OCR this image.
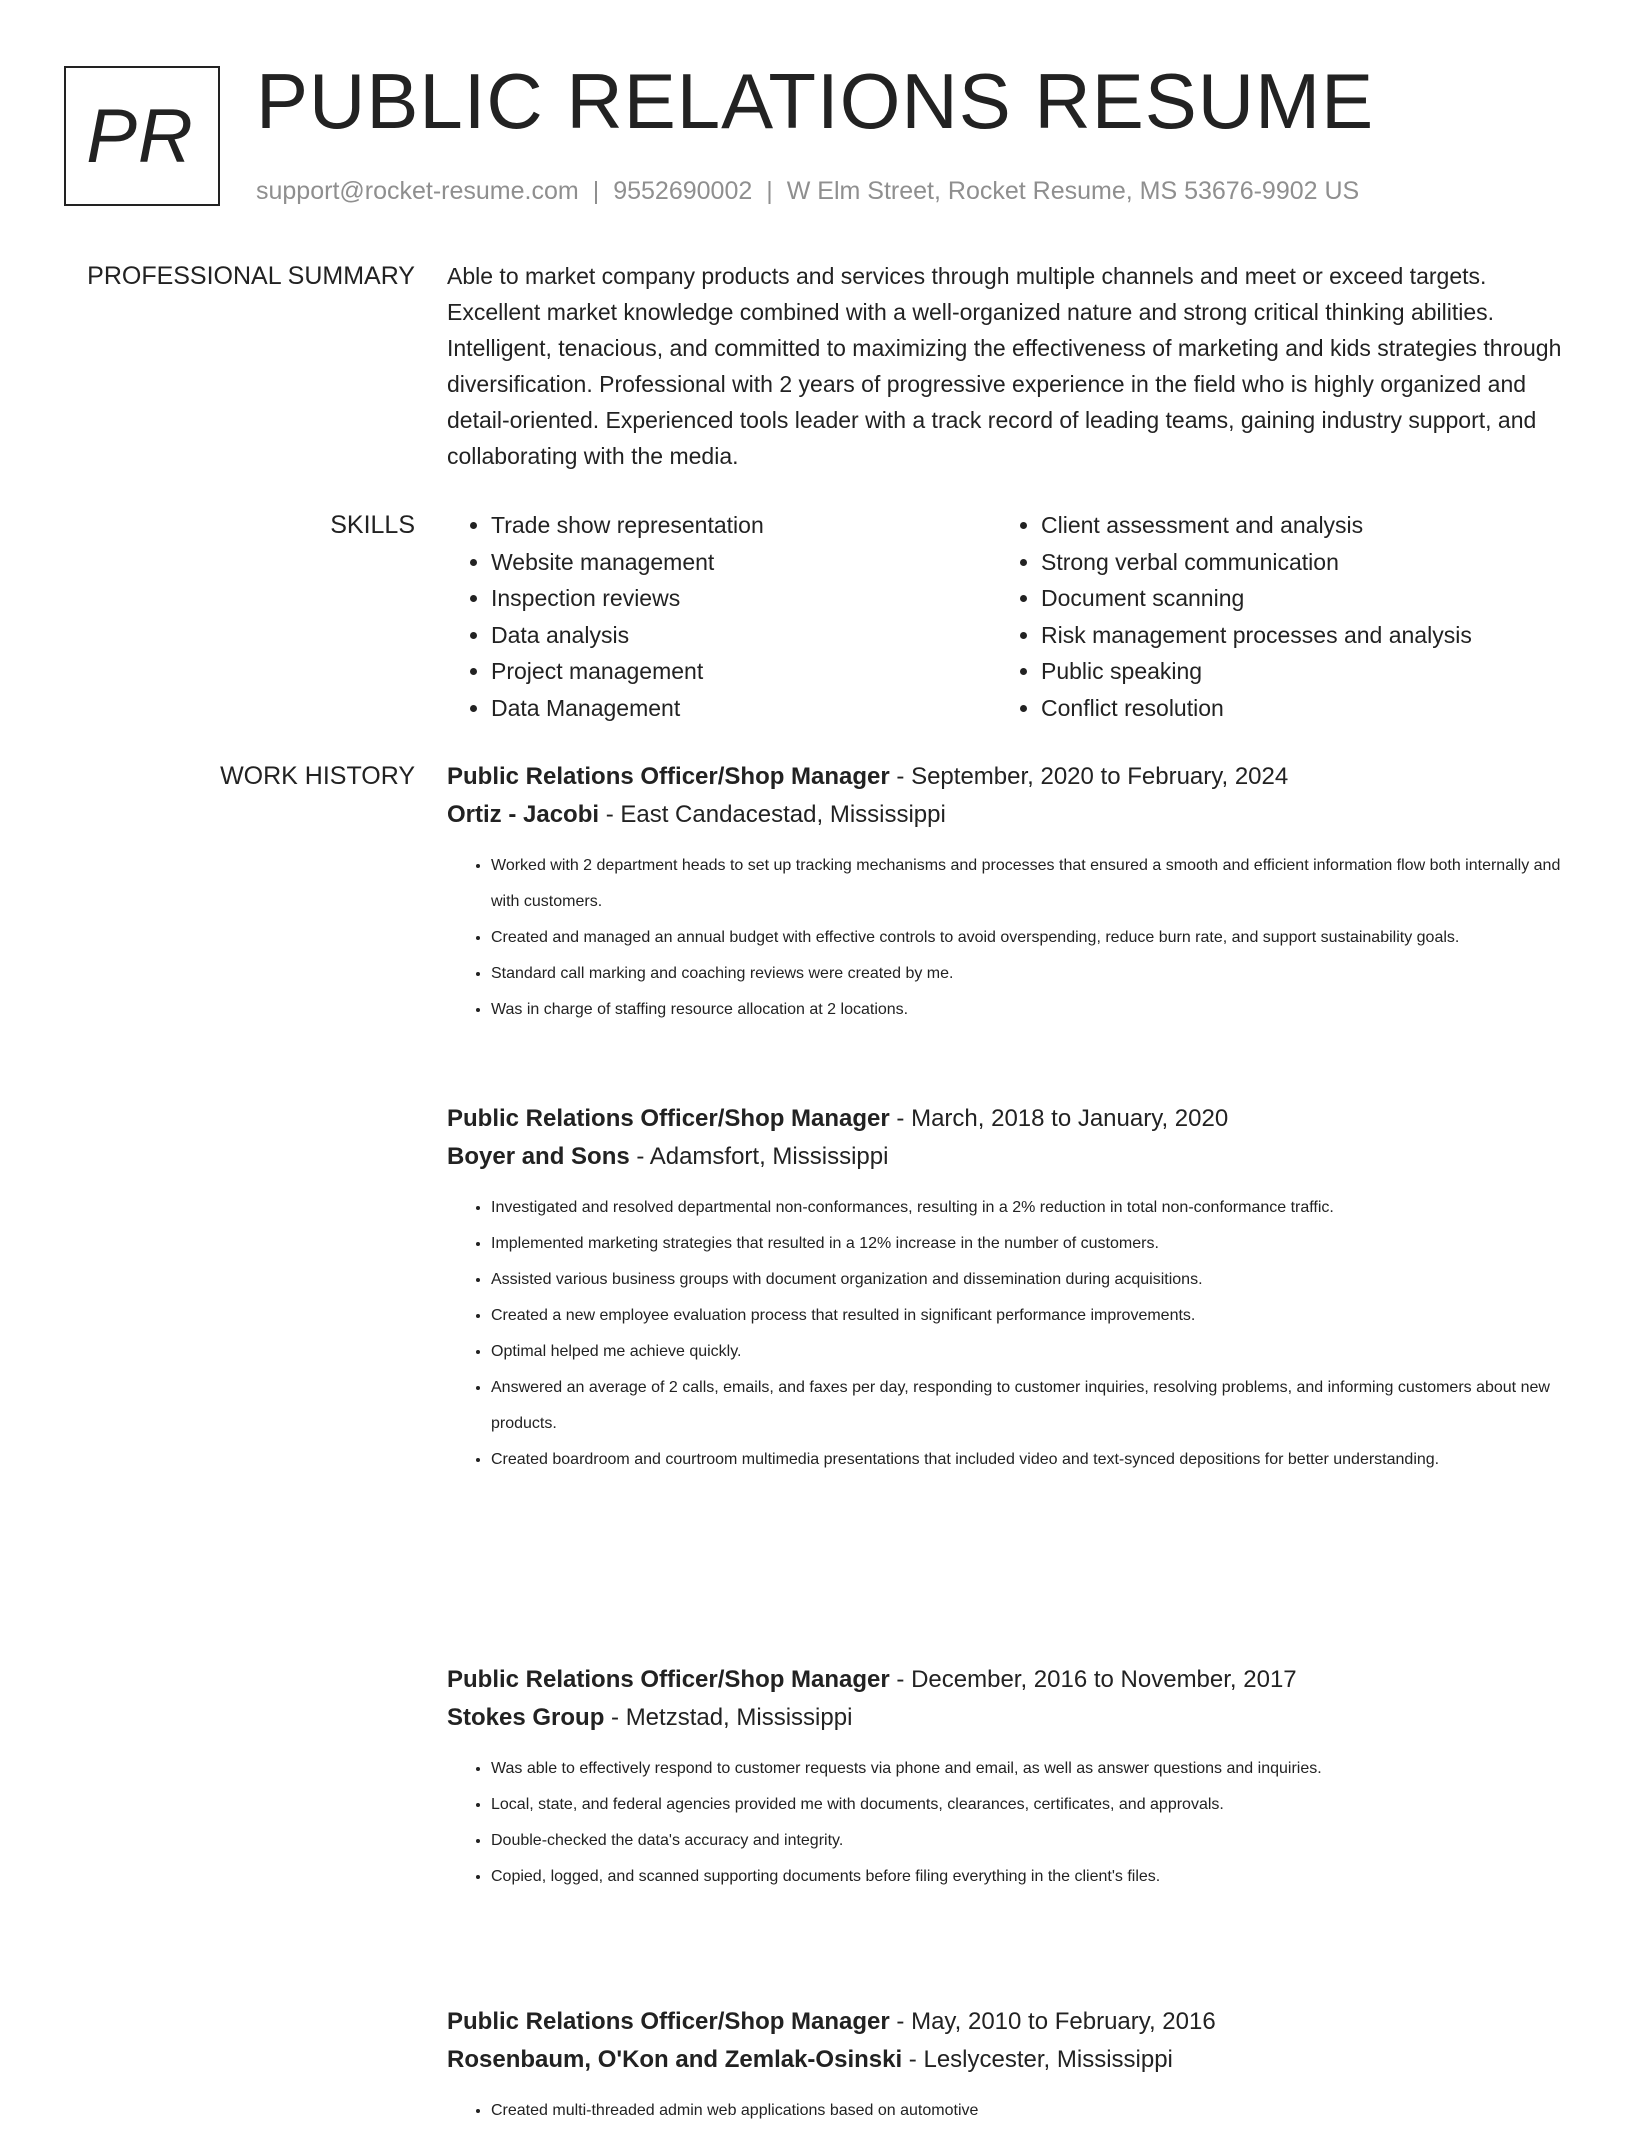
PR PUBLIC RELATIONS RESUME
support@rocket-resume.com | 9552690002 | W Elm Street, Rocket Resume, MS 53676-9902 US
PROFESSIONAL SUMMARY Able to market company products and services through multiple channels and meet or exceed targets. Excellent market knowledge combined with a well-organized nature and strong critical thinking abilities. Intelligent, tenacious, and committed to maximizing the effectiveness of marketing and kids strategies through diversification. Professional with 2 years of progressive experience in the field who is highly organized and detail-oriented. Experienced tools leader with a track record of leading teams, gaining industry support, and collaborating with the media.

SKILLS
•	Trade show representation
• Website management
• Inspection reviews
• Data analysis
• Project management
• Data Management
• Client assessment and analysis
• Strong verbal communication
• Document scanning
• Risk management processes and analysis
• Public speaking
• Conflict resolution
WORK HISTORY Public Relations Officer/Shop Manager - September, 2020 to February, 2024
Ortiz - Jacobi - East Candacestad, Mississippi
• Worked with 2 department heads to set up tracking mechanisms and processes that ensured a smooth and efficient information flow both internally and with customers.
• Created and managed an annual budget with effective controls to avoid overspending, reduce burn rate, and support sustainability goals.
• Standard call marking and coaching reviews were created by me.
• Was in charge of staffing resource allocation at 2 locations.
Public Relations Officer/Shop Manager - March, 2018 to January, 2020
Boyer and Sons - Adamsfort, Mississippi
• Investigated and resolved departmental non-conformances, resulting in a 2% reduction in total non-conformance traffic.
• Implemented marketing strategies that resulted in a 12% increase in the number of customers.
• Assisted various business groups with document organization and dissemination during acquisitions.
• Created a new employee evaluation process that resulted in significant performance improvements.
• Optimal helped me achieve quickly.
• Answered an average of 2 calls, emails, and faxes per day, responding to customer inquiries, resolving problems, and informing customers about new products.
• Created boardroom and courtroom multimedia presentations that included video and text-synced depositions for better understanding.
Public Relations Officer/Shop Manager - December, 2016 to November, 2017
Stokes Group - Metzstad, Mississippi
• Was able to effectively respond to customer requests via phone and email, as well as answer questions and inquiries.
• Local, state, and federal agencies provided me with documents, clearances, certificates, and approvals.
• Double-checked the data's accuracy and integrity.
• Copied, logged, and scanned supporting documents before filing everything in the client's files.
Public Relations Officer/Shop Manager - May, 2010 to February, 2016
Rosenbaum, O'Kon and Zemlak-Osinski - Leslycester, Mississippi
• Created multi-threaded admin web applications based on automotive
